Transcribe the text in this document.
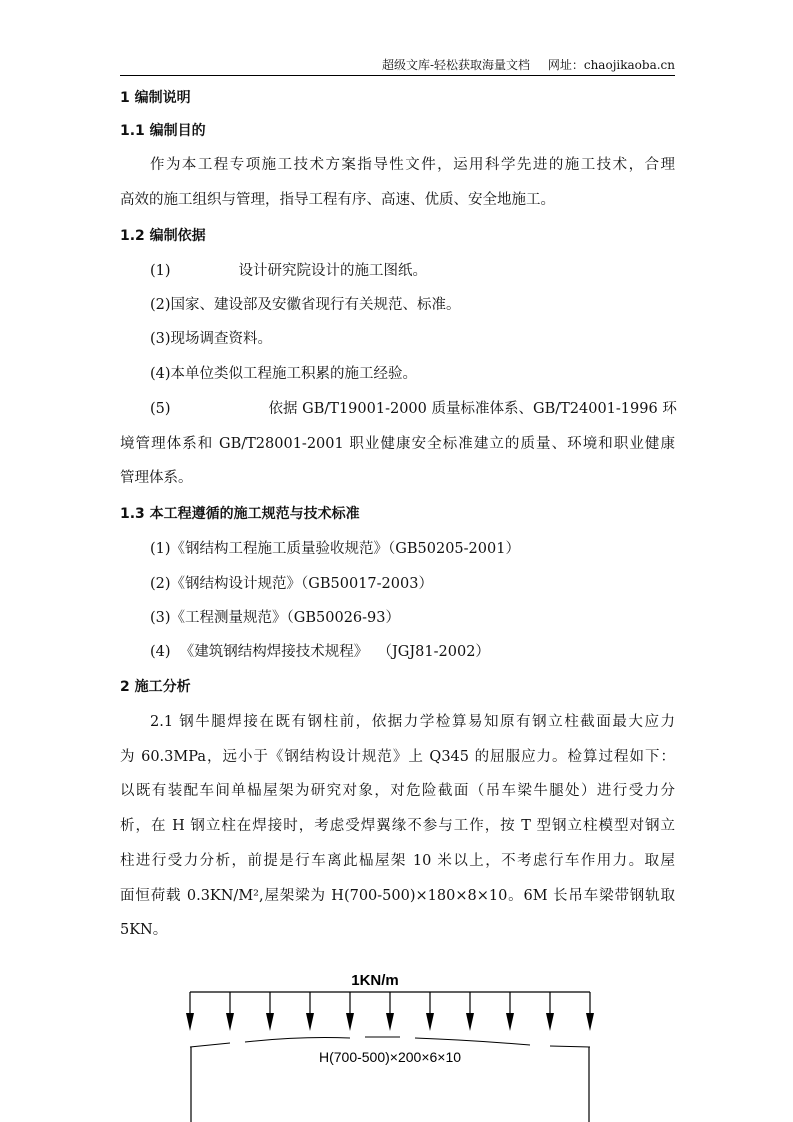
超级文库-轻松获取海量文档 网址：chaojikaoba.cn
1 编制说明
1.1 编制目的
作为本工程专项施工技术方案指导性文件，运用科学先进的施工技术，合理
高效的施工组织与管理，指导工程有序、高速、优质、安全地施工。
1.2 编制依据
(1)	设计研究院设计的施工图纸。
(2)国家、建设部及安徽省现行有关规范、标准。
(3)现场调查资料。
(4)本单位类似工程施工积累的施工经验。
(5)	依据 GB/T19001-2000 质量标准体系、GB/T24001-1996 环
境管理体系和 GB/T28001-2001 职业健康安全标准建立的质量、环境和职业健康
管理体系。
1.3 本工程遵循的施工规范与技术标准
(1)《钢结构工程施工质量验收规范》（GB50205-2001）
(2)《钢结构设计规范》（GB50017-2003）
(3)《工程测量规范》（GB50026-93）
(4)  《建筑钢结构焊接技术规程》  （JGJ81-2002）
2 施工分析
2.1 钢牛腿焊接在既有钢柱前，依据力学检算易知原有钢立柱截面最大应力
为 60.3MPa，远小于《钢结构设计规范》上 Q345 的屈服应力。检算过程如下：
以既有装配车间单榀屋架为研究对象，对危险截面（吊车梁牛腿处）进行受力分
析，在 H 钢立柱在焊接时，考虑受焊翼缘不参与工作，按 T 型钢立柱模型对钢立
柱进行受力分析，前提是行车离此榀屋架 10 米以上，不考虑行车作用力。取屋
面恒荷载 0.3KN/M²,屋架梁为 H(700-500)×180×8×10。6M 长吊车梁带钢轨取
5KN。
1KN/m
H(700-500)×200×6×10
